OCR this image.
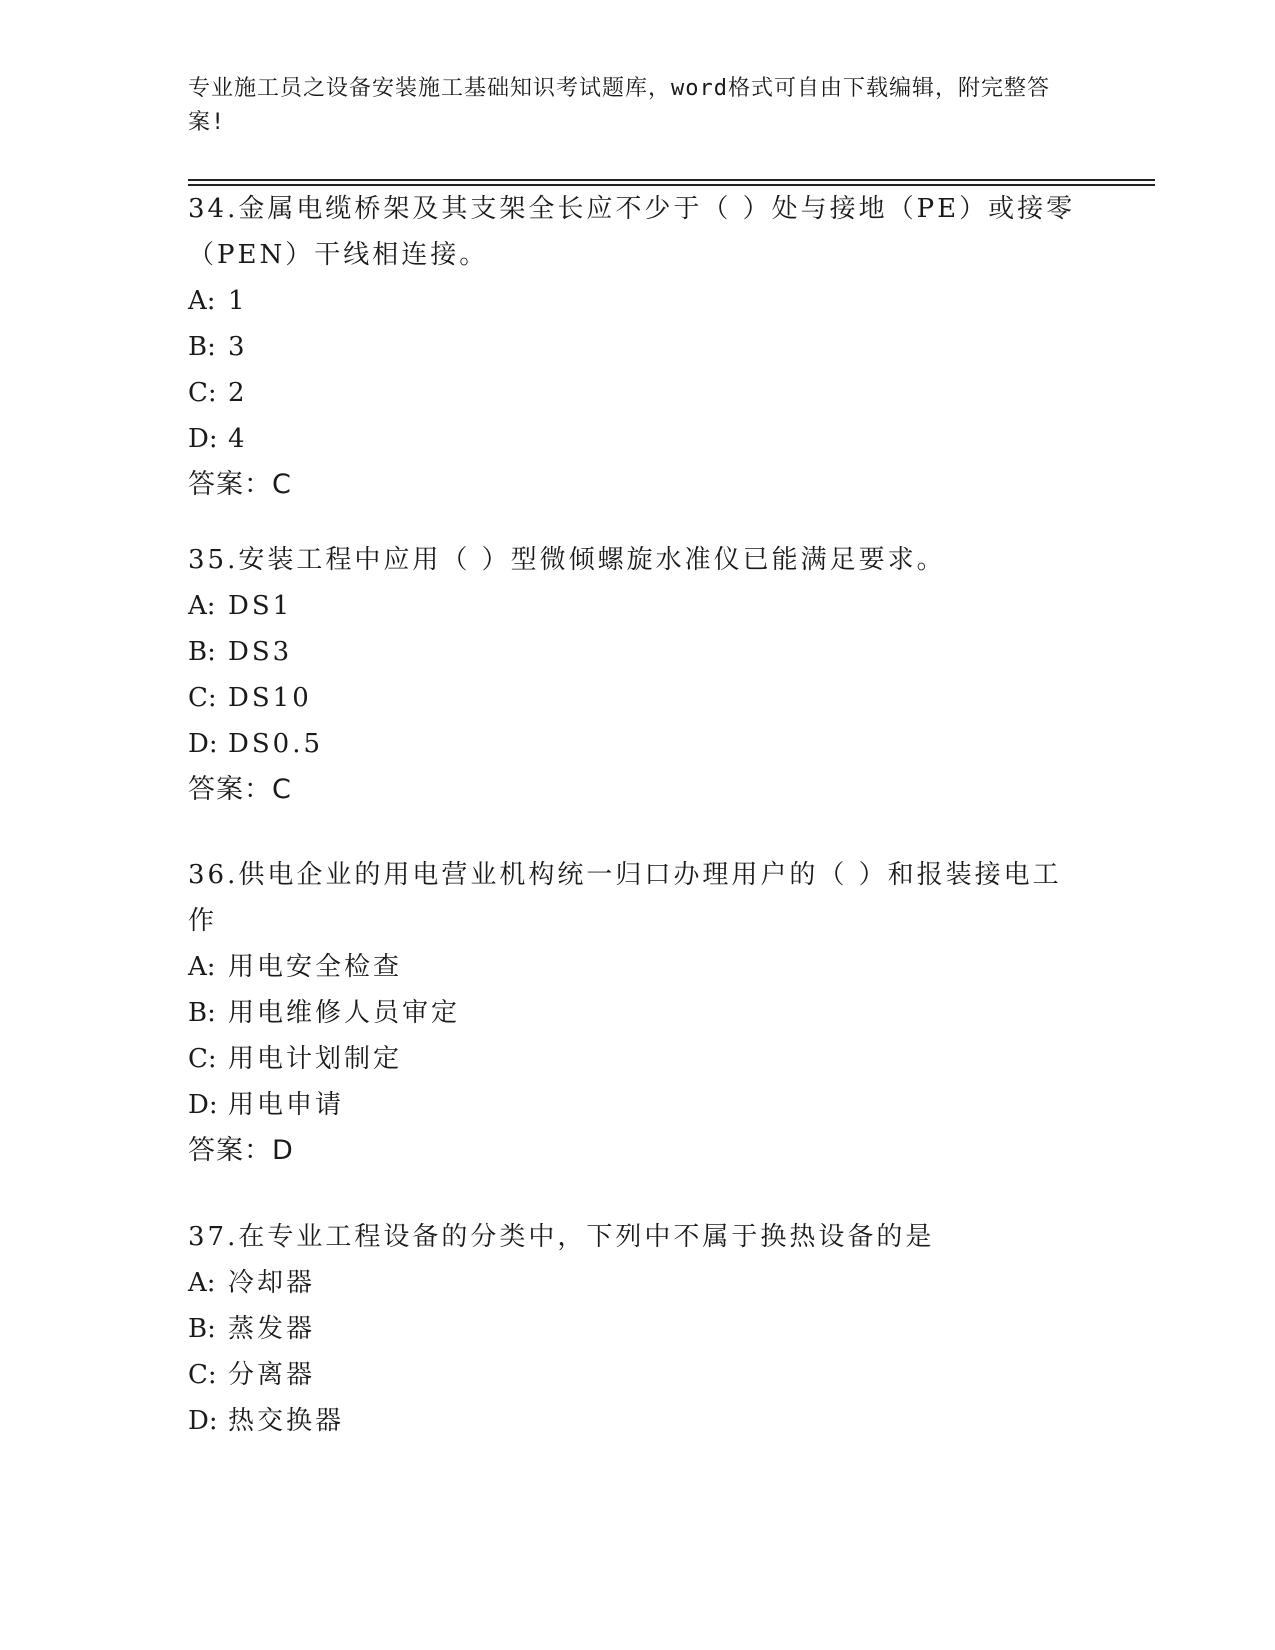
专业施工员之设备安装施工基础知识考试题库，word格式可自由下载编辑，附完整答案!
34.金属电缆桥架及其支架全长应不少于（ ）处与接地（PE）或接零（PEN）干线相连接。
A: 1
B: 3
C: 2
D: 4
答案：C
35.安装工程中应用（ ）型微倾螺旋水准仪已能满足要求。
A: DS1
B: DS3
C: DS10
D: DS0.5
答案：C
36.供电企业的用电营业机构统一归口办理用户的（ ）和报装接电工作
A: 用电安全检查
B: 用电维修人员审定
C: 用电计划制定
D: 用电申请
答案：D
37.在专业工程设备的分类中，下列中不属于换热设备的是
A: 冷却器
B: 蒸发器
C: 分离器
D: 热交换器
